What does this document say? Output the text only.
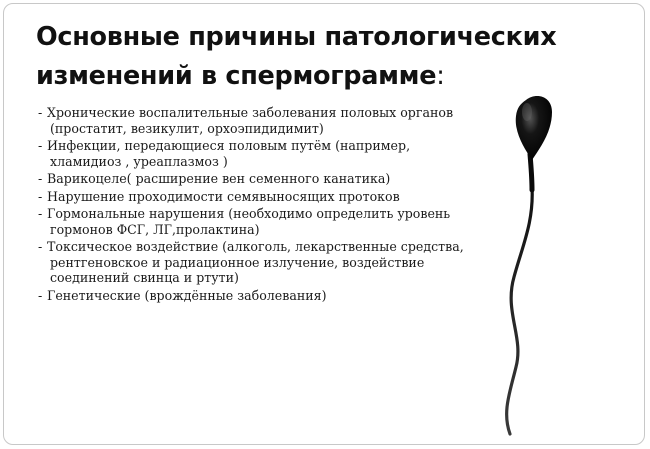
Основные причины патологических изменений в спермограмме:
- Хронические воспалительные заболевания половых органов (простатит, везикулит, орхоэпидидимит)
- Инфекции, передающиеся половым путём (например, хламидиоз , уреаплазмоз )
- Варикоцеле( расширение вен семенного канатика)
- Нарушение проходимости семявыносящих протоков
- Гормональные нарушения (необходимо определить уровень гормонов ФСГ, ЛГ,пролактина)
- Токсическое воздействие (алкоголь, лекарственные средства, рентгеновское и радиационное излучение, воздействие соединений свинца и ртути)
- Генетические (врождённые заболевания)
